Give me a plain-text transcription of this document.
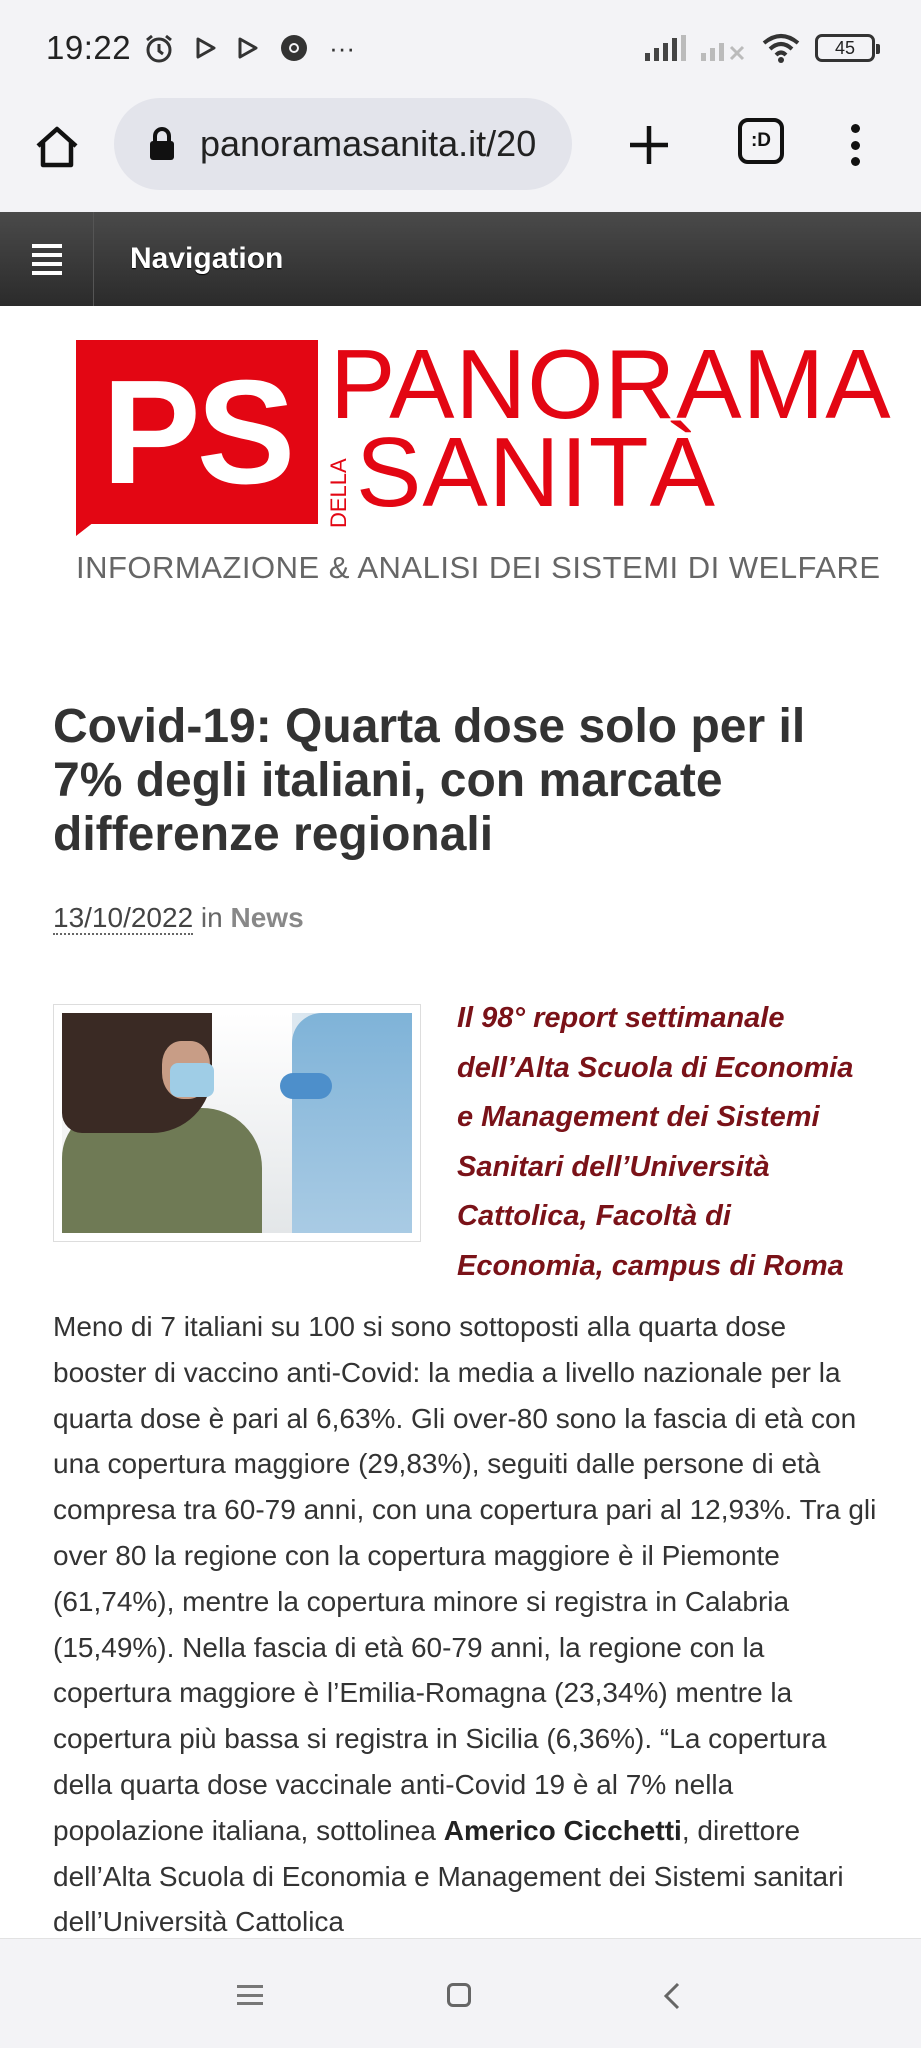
19:22	···	45
panoramasanita.it/20	:D
Navigation
PS PANORAMA
DELLA SANITÀ
INFORMAZIONE & ANALISI DEI SISTEMI DI WELFARE
Covid-19: Quarta dose solo per il 7% degli italiani, con marcate differenze regionali
13/10/2022 in News

Il 98° report settimanale dell’Alta Scuola di Economia e Management dei Sistemi Sanitari dell’Università Cattolica, Facoltà di Economia, campus di Roma

Meno di 7 italiani su 100 si sono sottoposti alla quarta dose booster di vaccino anti-Covid: la media a livello nazionale per la quarta dose è pari al 6,63%. Gli over-80 sono la fascia di età con una copertura maggiore (29,83%), seguiti dalle persone di età compresa tra 60-79 anni, con una copertura pari al 12,93%. Tra gli over 80 la regione con la copertura maggiore è il Piemonte (61,74%), mentre la copertura minore si registra in Calabria (15,49%). Nella fascia di età 60-79 anni, la regione con la copertura maggiore è l’Emilia-Romagna (23,34%) mentre la copertura più bassa si registra in Sicilia (6,36%). “La copertura della quarta dose vaccinale anti-Covid 19 è al 7% nella popolazione italiana, sottolinea Americo Cicchetti, direttore dell’Alta Scuola di Economia e Management dei Sistemi sanitari dell’Università Cattolica
